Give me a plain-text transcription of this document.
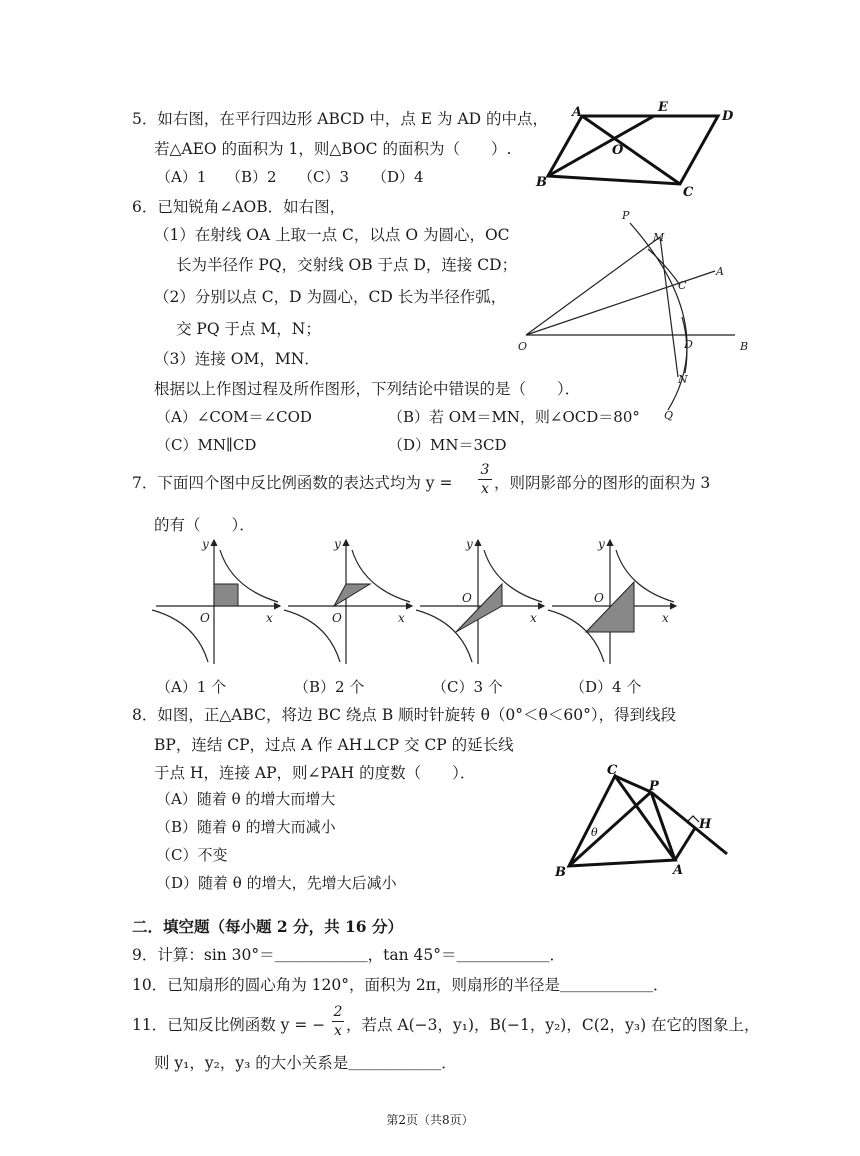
5．如右图，在平行四边形 ABCD 中，点 E 为 AD 的中点，
若△AEO 的面积为 1，则△BOC 的面积为（　　）.
（A）1 （B）2 （C）3 （D）4
A	E
D
O
B
C
6．已知锐角∠AOB．如右图，
（1）在射线 OA 上取一点 C，以点 O 为圆心，OC
长为半径作 PQ，交射线 OB 于点 D，连接 CD；
（2）分别以点 C，D 为圆心，CD 长为半径作弧，
交 PQ 于点 M，N；
（3）连接 OM，MN．
根据以上作图过程及所作图形，下列结论中错误的是（　　）．
（A）∠COM＝∠COD	（B）若 OM＝MN，则∠OCD＝80°
（C）MN∥CD	（D）MN＝3CD
P
M
A
C
O	D	B
N
Q
7．下面四个图中反比例函数的表达式均为 y =
3
x ，则阴影部分的图形的面积为 3
的有（　　）．
y
x
O
y
x
O
y
x
O
y
x
O
（A）1 个	（B）2 个	（C）3 个	（D）4 个
8．如图，正△ABC，将边 BC 绕点 B 顺时针旋转 θ（0°＜θ＜60°），得到线段
BP，连结 CP，过点 A 作 AH⊥CP 交 CP 的延长线
于点 H，连接 AP，则∠PAH 的度数（　　）．
（A）随着 θ 的增大而增大
（B）随着 θ 的增大而减小
（C）不变
（D）随着 θ 的增大，先增大后减小
C
P
H
B	A
θ
二．填空题（每小题 2 分，共 16 分）
9．计算：sin 30°＝＿＿＿＿＿＿，tan 45°＝＿＿＿＿＿＿．
10．已知扇形的圆心角为 120°，面积为 2π，则扇形的半径是＿＿＿＿＿＿．
11．已知反比例函数 y = −
2
x ，若点 A(−3，y₁)，B(−1，y₂)，C(2，y₃) 在它的图象上，
则 y₁，y₂，y₃ 的大小关系是＿＿＿＿＿＿．
第2页（共8页）
